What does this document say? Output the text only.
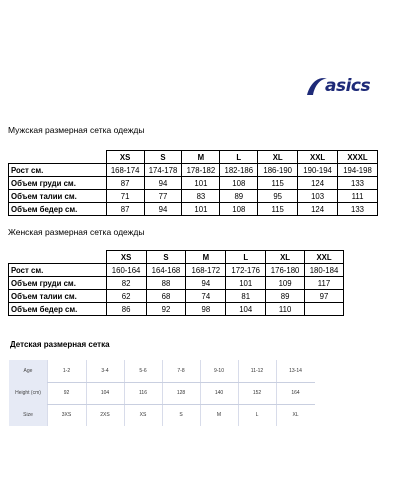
asics
Мужская размерная сетка одежды
	XS	S	M	L	XL	XXL	XXXL
Рост см.	168-174	174-178	178-182	182-186	186-190	190-194	194-198
Объем груди см.	87	94	101	108	115	124	133
Объем талии см.	71	77	83	89	95	103	111
Объем бедер см.	87	94	101	108	115	124	133
Женская размерная сетка одежды
	XS	S	M	L	XL	XXL
Рост см.	160-164	164-168	168-172	172-176	176-180	180-184
Объем груди см.	82	88	94	101	109	117
Объем талии см.	62	68	74	81	89	97
Объем бедер см.	86	92	98	104	110	
Детская размерная сетка
Age	1-2	3-4	5-6	7-8	9-10	11-12	13-14
Height (cm)	92	104	116	128	140	152	164
Size	3XS	2XS	XS	S	M	L	XL
